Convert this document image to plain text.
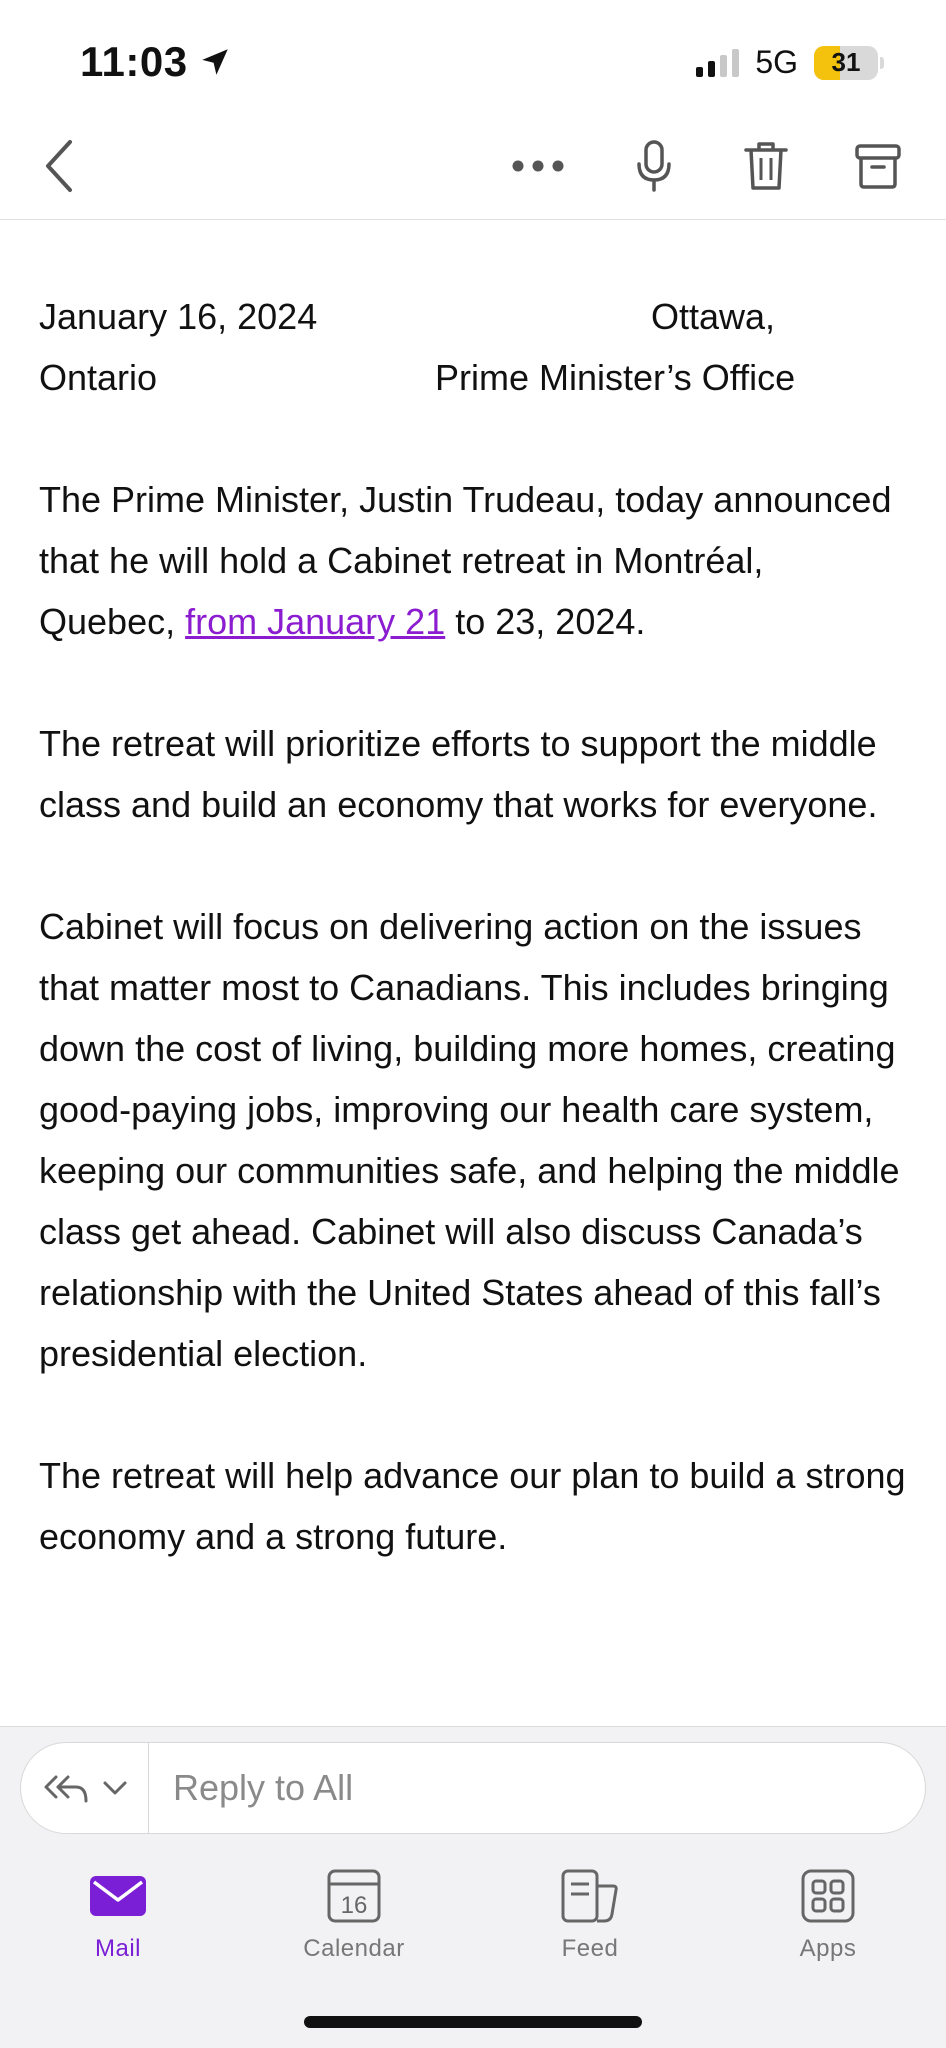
11:03	5G	31
January 16, 2024	Ottawa,
Ontario	Prime Minister’s Office

The Prime Minister, Justin Trudeau, today announced that he will hold a Cabinet retreat in Montréal, Quebec, from January 21 to 23, 2024.

The retreat will prioritize efforts to support the middle class and build an economy that works for everyone.

Cabinet will focus on delivering action on the issues that matter most to Canadians. This includes bringing down the cost of living, building more homes, creating good-paying jobs, improving our health care system, keeping our communities safe, and helping the middle class get ahead. Cabinet will also discuss Canada’s relationship with the United States ahead of this fall’s presidential election.

The retreat will help advance our plan to build a strong economy and a strong future.

Reply to All
Mail
16
Calendar	Feed	Apps
